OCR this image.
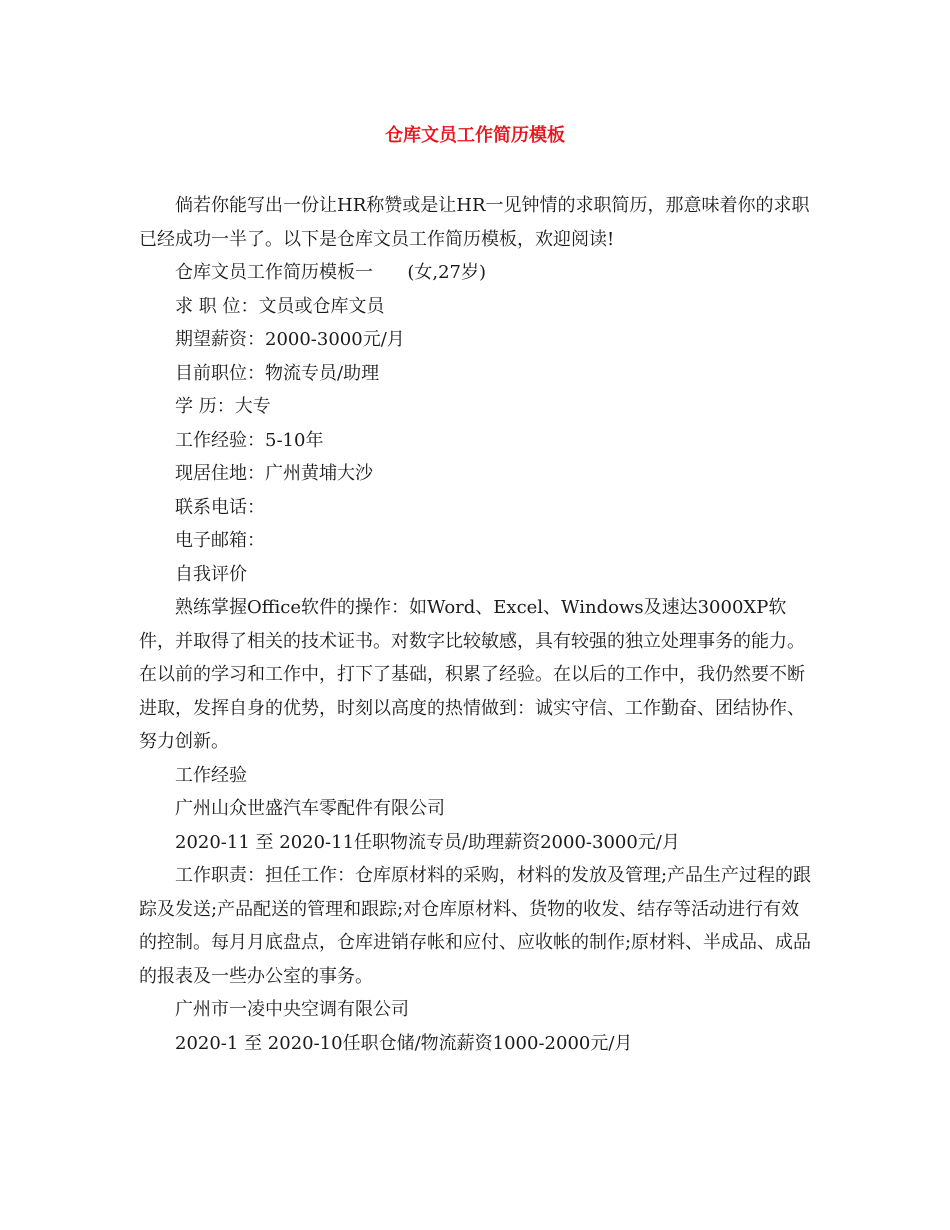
仓库文员工作简历模板

倘若你能写出一份让HR称赞或是让HR一见钟情的求职简历，那意味着你的求职已经成功一半了。以下是仓库文员工作简历模板，欢迎阅读!

仓库文员工作简历模板一      (女,27岁)

求 职 位：文员或仓库文员

期望薪资：2000-3000元/月

目前职位：物流专员/助理

学 历：大专

工作经验：5-10年

现居住地：广州黄埔大沙

联系电话：

电子邮箱：

自我评价

熟练掌握Office软件的操作：如Word、Excel、Windows及速达3000XP软件，并取得了相关的技术证书。对数字比较敏感，具有较强的独立处理事务的能力。在以前的学习和工作中，打下了基础，积累了经验。在以后的工作中，我仍然要不断进取，发挥自身的优势，时刻以高度的热情做到：诚实守信、工作勤奋、团结协作、努力创新。

工作经验

广州山众世盛汽车零配件有限公司

2020-11 至 2020-11任职物流专员/助理薪资2000-3000元/月

工作职责：担任工作：仓库原材料的采购，材料的发放及管理;产品生产过程的跟踪及发送;产品配送的管理和跟踪;对仓库原材料、货物的收发、结存等活动进行有效的控制。每月月底盘点，仓库进销存帐和应付、应收帐的制作;原材料、半成品、成品的报表及一些办公室的事务。

广州市一凌中央空调有限公司

2020-1 至 2020-10任职仓储/物流薪资1000-2000元/月
